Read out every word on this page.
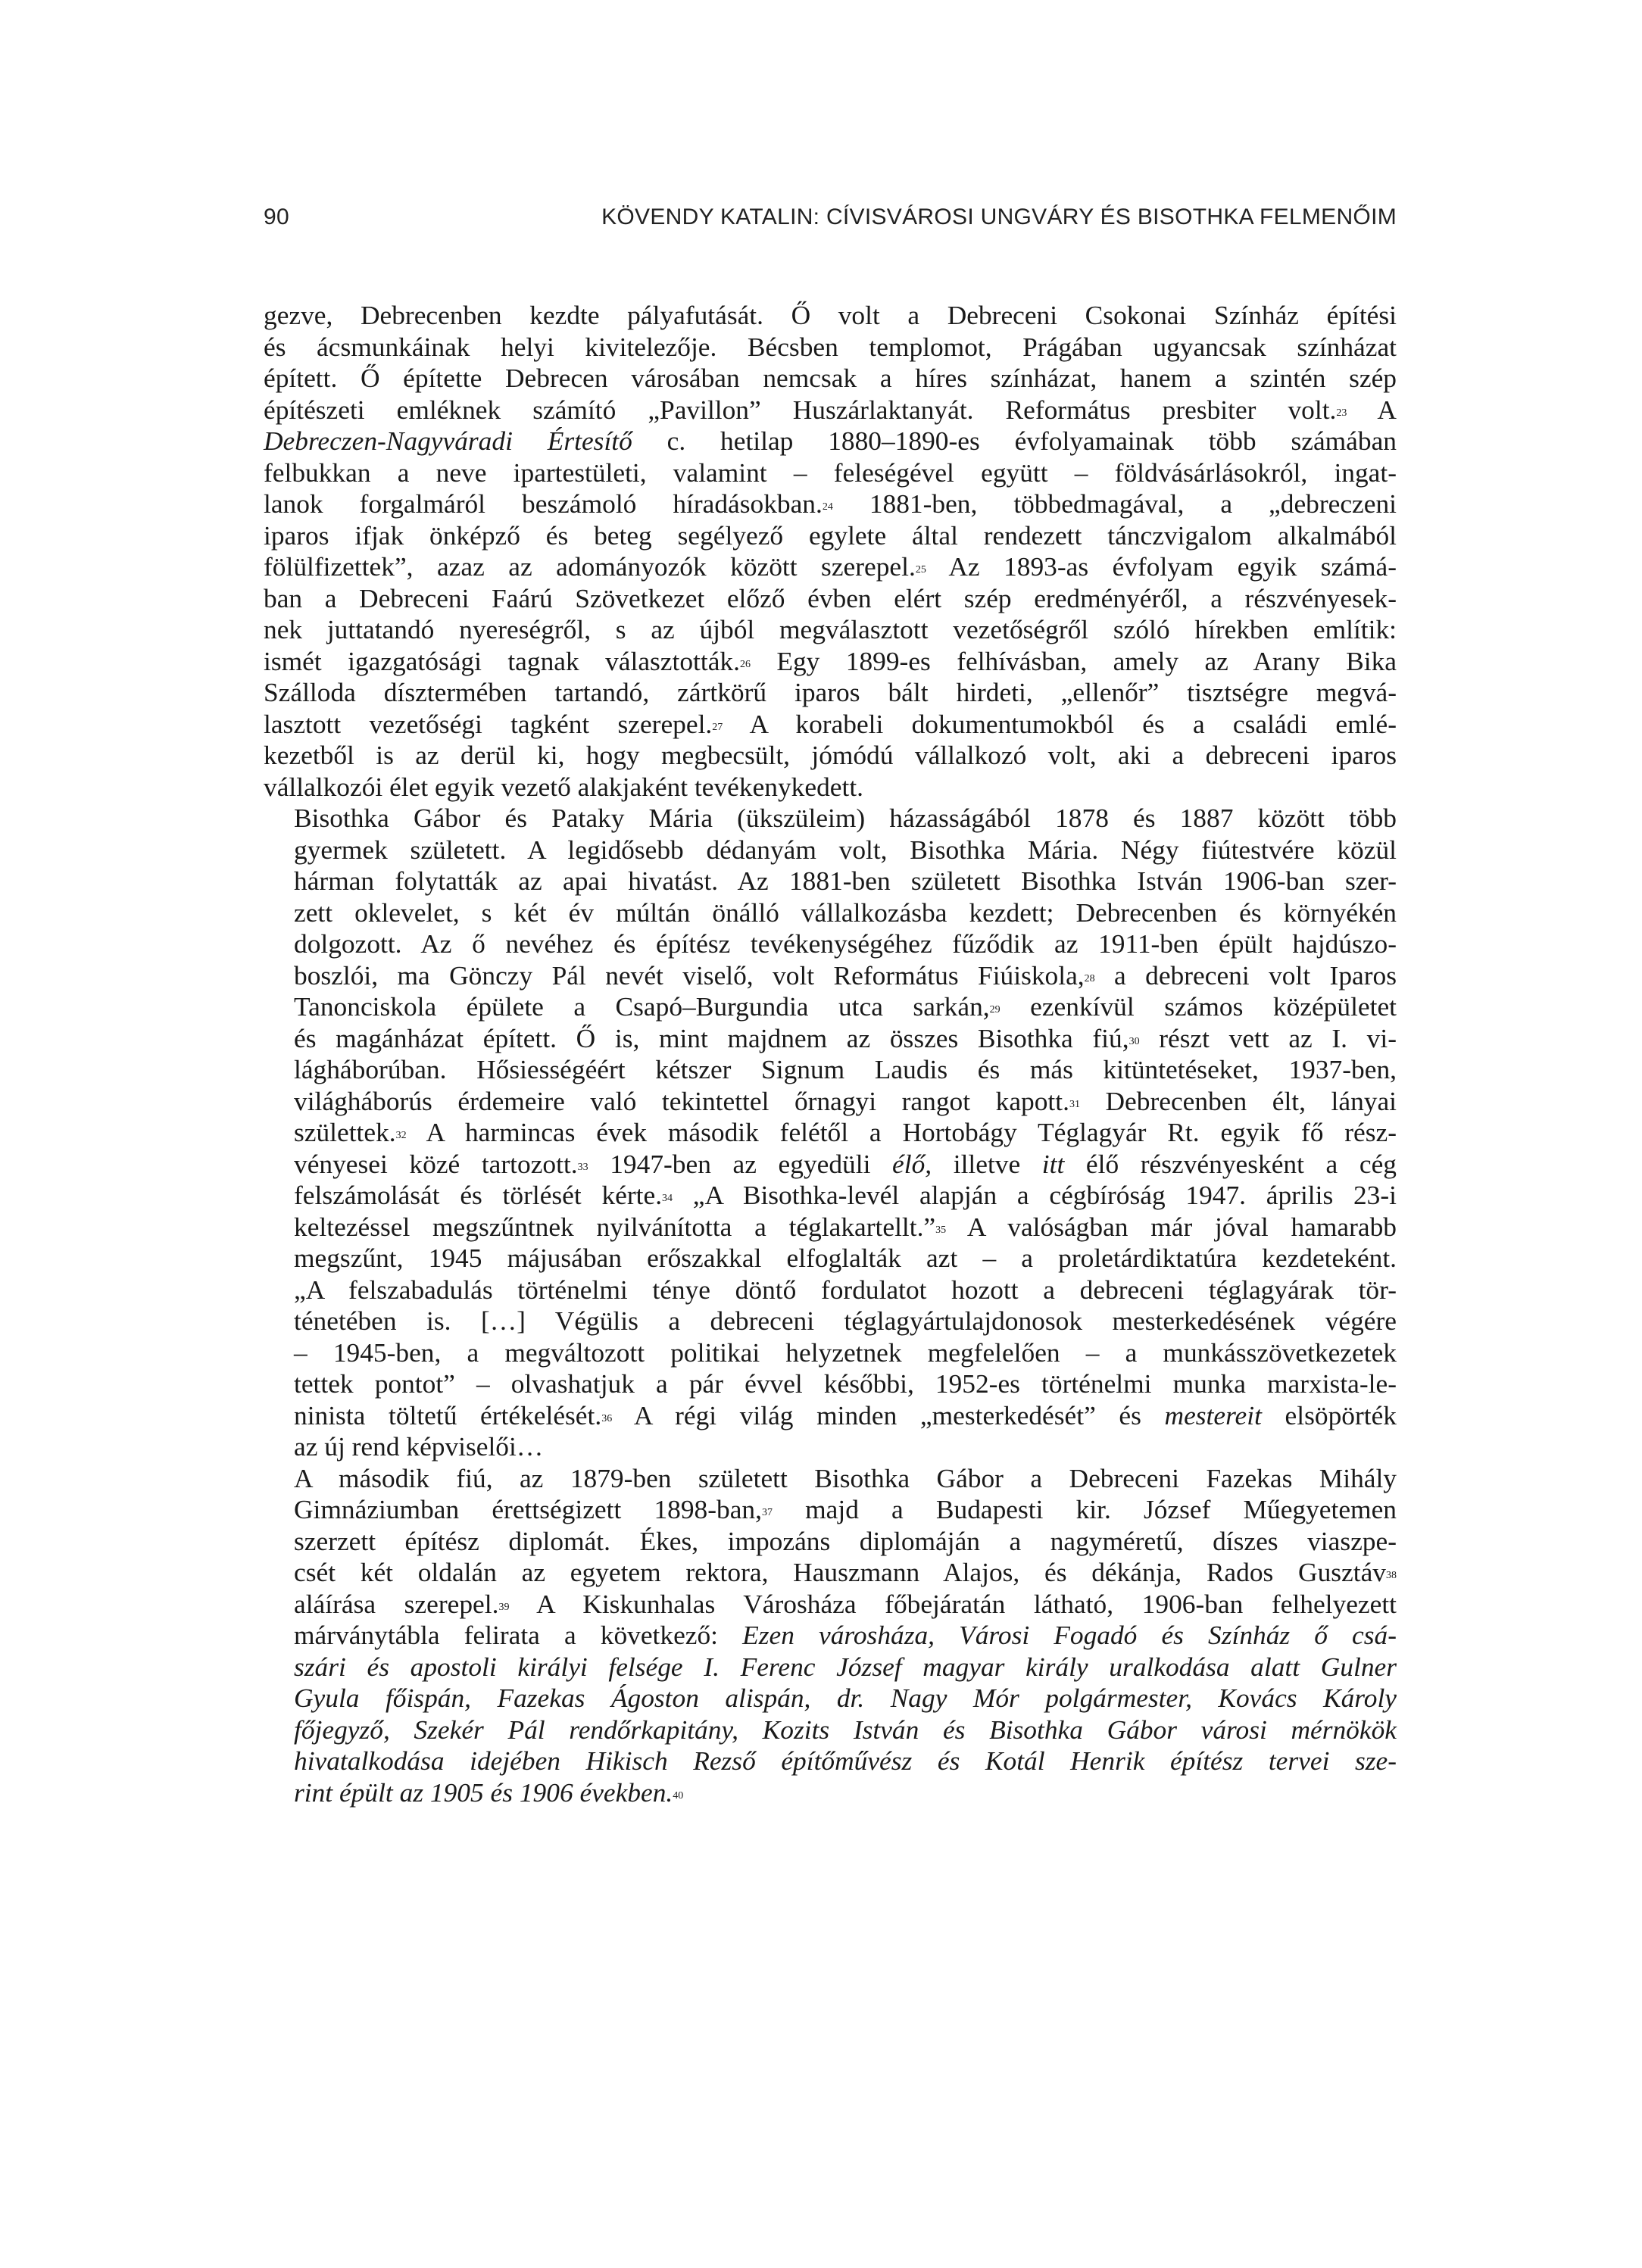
90	KÖVENDY KATALIN: CÍVISVÁROSI UNGVÁRY ÉS BISOTHKA FELMENŐIM

gezve, Debrecenben kezdte pályafutását. Ő volt a Debreceni Csokonai Színház építési
és ácsmunkáinak helyi kivitelezője. Bécsben templomot, Prágában ugyancsak színházat
épített. Ő építette Debrecen városában nemcsak a híres színházat, hanem a szintén szép
építészeti emléknek számító „Pavillon” Huszárlaktanyát. Református presbiter volt.$^{23}$ A
Debreczen-Nagyváradi Értesítő c. hetilap 1880–1890-es évfolyamainak több számában
felbukkan a neve ipartestületi, valamint – feleségével együtt – földvásárlásokról, ingat-
lanok forgalmáról beszámoló híradásokban.$^{24}$ 1881-ben, többedmagával, a „debreczeni
iparos ifjak önképző és beteg segélyező egylete által rendezett tánczvigalom alkalmából
fölülfizettek”, azaz az adományozók között szerepel.$^{25}$ Az 1893-as évfolyam egyik számá-
ban a Debreceni Faárú Szövetkezet előző évben elért szép eredményéről, a részvényesek-
nek juttatandó nyereségről, s az újból megválasztott vezetőségről szóló hírekben említik:
ismét igazgatósági tagnak választották.$^{26}$ Egy 1899-es felhívásban, amely az Arany Bika
Szálloda dísztermében tartandó, zártkörű iparos bált hirdeti, „ellenőr” tisztségre megvá-
lasztott vezetőségi tagként szerepel.$^{27}$ A korabeli dokumentumokból és a családi emlé-
kezetből is az derül ki, hogy megbecsült, jómódú vállalkozó volt, aki a debreceni iparos
vállalkozói élet egyik vezető alakjaként tevékenykedett.

Bisothka Gábor és Pataky Mária (ükszüleim) házasságából 1878 és 1887 között több
gyermek született. A legidősebb dédanyám volt, Bisothka Mária. Négy fiútestvére közül
hárman folytatták az apai hivatást. Az 1881-ben született Bisothka István 1906-ban szer-
zett oklevelet, s két év múltán önálló vállalkozásba kezdett; Debrecenben és környékén
dolgozott. Az ő nevéhez és építész tevékenységéhez fűződik az 1911-ben épült hajdúszo-
boszlói, ma Gönczy Pál nevét viselő, volt Református Fiúiskola,$^{28}$ a debreceni volt Iparos
Tanonciskola épülete a Csapó–Burgundia utca sarkán,$^{29}$ ezenkívül számos középületet
és magánházat épített. Ő is, mint majdnem az összes Bisothka fiú,$^{30}$ részt vett az I. vi-
lágháborúban. Hősiességéért kétszer Signum Laudis és más kitüntetéseket, 1937-ben,
világháborús érdemeire való tekintettel őrnagyi rangot kapott.$^{31}$ Debrecenben élt, lányai
születtek.$^{32}$ A harmincas évek második felétől a Hortobágy Téglagyár Rt. egyik fő rész-
vényesei közé tartozott.$^{33}$ 1947-ben az egyedüli élő, illetve itt élő részvényesként a cég
felszámolását és törlését kérte.$^{34}$ „A Bisothka-levél alapján a cégbíróság 1947. április 23-i
keltezéssel megszűntnek nyilvánította a téglakartellt.”$^{35}$ A valóságban már jóval hamarabb
megszűnt, 1945 májusában erőszakkal elfoglalták azt – a proletárdiktatúra kezdeteként.
„A felszabadulás történelmi ténye döntő fordulatot hozott a debreceni téglagyárak tör-
ténetében is. […] Végülis a debreceni téglagyártulajdonosok mesterkedésének végére
– 1945-ben, a megváltozott politikai helyzetnek megfelelően – a munkásszövetkezetek
tettek pontot” – olvashatjuk a pár évvel későbbi, 1952-es történelmi munka marxista-le-
ninista töltetű értékelését.$^{36}$ A régi világ minden „mesterkedését” és mestereit elsöpörték
az új rend képviselői…

A második fiú, az 1879-ben született Bisothka Gábor a Debreceni Fazekas Mihály
Gimnáziumban érettségizett 1898-ban,$^{37}$ majd a Budapesti kir. József Műegyetemen
szerzett építész diplomát. Ékes, impozáns diplomáján a nagyméretű, díszes viaszpe-
csét két oldalán az egyetem rektora, Hauszmann Alajos, és dékánja, Rados Gusztáv$^{38}$
aláírása szerepel.$^{39}$ A Kiskunhalas Városháza főbejáratán látható, 1906-ban felhelyezett
márványtábla felirata a következő: Ezen városháza, Városi Fogadó és Színház ő csá-
szári és apostoli királyi felsége I. Ferenc József magyar király uralkodása alatt Gulner
Gyula főispán, Fazekas Ágoston alispán, dr. Nagy Mór polgármester, Kovács Károly
főjegyző, Szekér Pál rendőrkapitány, Kozits István és Bisothka Gábor városi mérnökök
hivatalkodása idejében Hikisch Rezső építőművész és Kotál Henrik építész tervei sze-
rint épült az 1905 és 1906 években.$^{40}$
